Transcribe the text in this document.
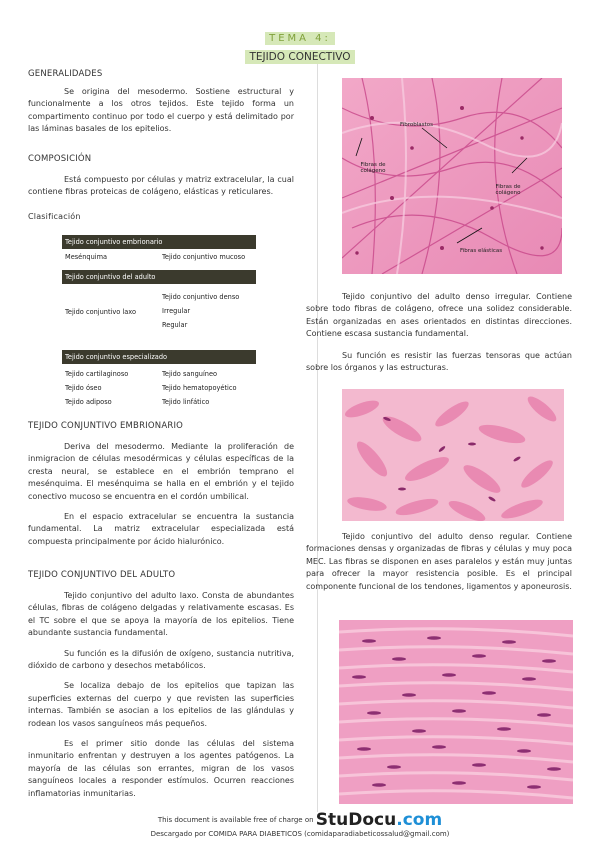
TEMA 4:
TEJIDO CONECTIVO
GENERALIDADES

Se origina del mesodermo. Sostiene estructural y funcionalmente a los otros tejidos. Este tejido forma un compartimento continuo por todo el cuerpo y está delimitado por las láminas basales de los epitelios.

COMPOSICIÓN

Está compuesto por células y matriz extracelular, la cual contiene fibras proteicas de colágeno, elásticas y reticulares.

Clasificación
Tejido conjuntivo embrionario
Mesénquima	Tejido conjuntivo mucoso
Tejido conjuntivo del adulto
Tejido conjuntivo laxo
Tejido conjuntivo denso
Irregular
Regular
Tejido conjuntivo especializado
Tejido cartilaginoso
Tejido óseo
Tejido adiposo
Tejido sanguíneo
Tejido hematopoyético
Tejido linfático
TEJIDO CONJUNTIVO EMBRIONARIO

Deriva del mesodermo. Mediante la proliferación de inmigracion de células mesodérmicas y células específicas de la cresta neural, se establece en el embrión temprano el mesénquima. El mesénquima se halla en el embrión y el tejido conectivo mucoso se encuentra en el cordón umbilical.

En el espacio extracelular se encuentra la sustancia fundamental. La matriz extracelular especializada está compuesta principalmente por ácido hialurónico.

TEJIDO CONJUNTIVO DEL ADULTO

Tejido conjuntivo del adulto laxo. Consta de abundantes células, fibras de colágeno delgadas y relativamente escasas. Es el TC sobre el que se apoya la mayoría de los epitelios. Tiene abundante sustancia fundamental.

Su función es la difusión de oxígeno, sustancia nutritiva, dióxido de carbono y desechos metabólicos.

Se localiza debajo de los epitelios que tapizan las superficies externas del cuerpo y que revisten las superficies internas. También se asocian a los epitelios de las glándulas y rodean los vasos sanguíneos más pequeños.

Es el primer sitio donde las células del sistema inmunitario enfrentan y destruyen a los agentes patógenos. La mayoría de las células son errantes, migran de los vasos sanguíneos locales a responder estímulos. Ocurren reacciones inflamatorias inmunitarias.

Fibroblastos
Fibras de colágeno
Fibras de colágeno
Fibras elásticas

Tejido conjuntivo del adulto denso irregular. Contiene sobre todo fibras de colágeno, ofrece una solidez considerable. Están organizadas en ases orientados en distintas direcciones. Contiene escasa sustancia fundamental.

Su función es resistir las fuerzas tensoras que actúan sobre los órganos y las estructuras.

Tejido conjuntivo del adulto denso regular. Contiene formaciones densas y organizadas de fibras y células y muy poca MEC. Las fibras se disponen en ases paralelos y están muy juntas para ofrecer la mayor resistencia posible. Es el principal componente funcional de los tendones, ligamentos y aponeurosis.

This document is available free of charge on StuDocu.com
Descargado por COMIDA PARA DIABETICOS (comidaparadiabeticossalud@gmail.com)
